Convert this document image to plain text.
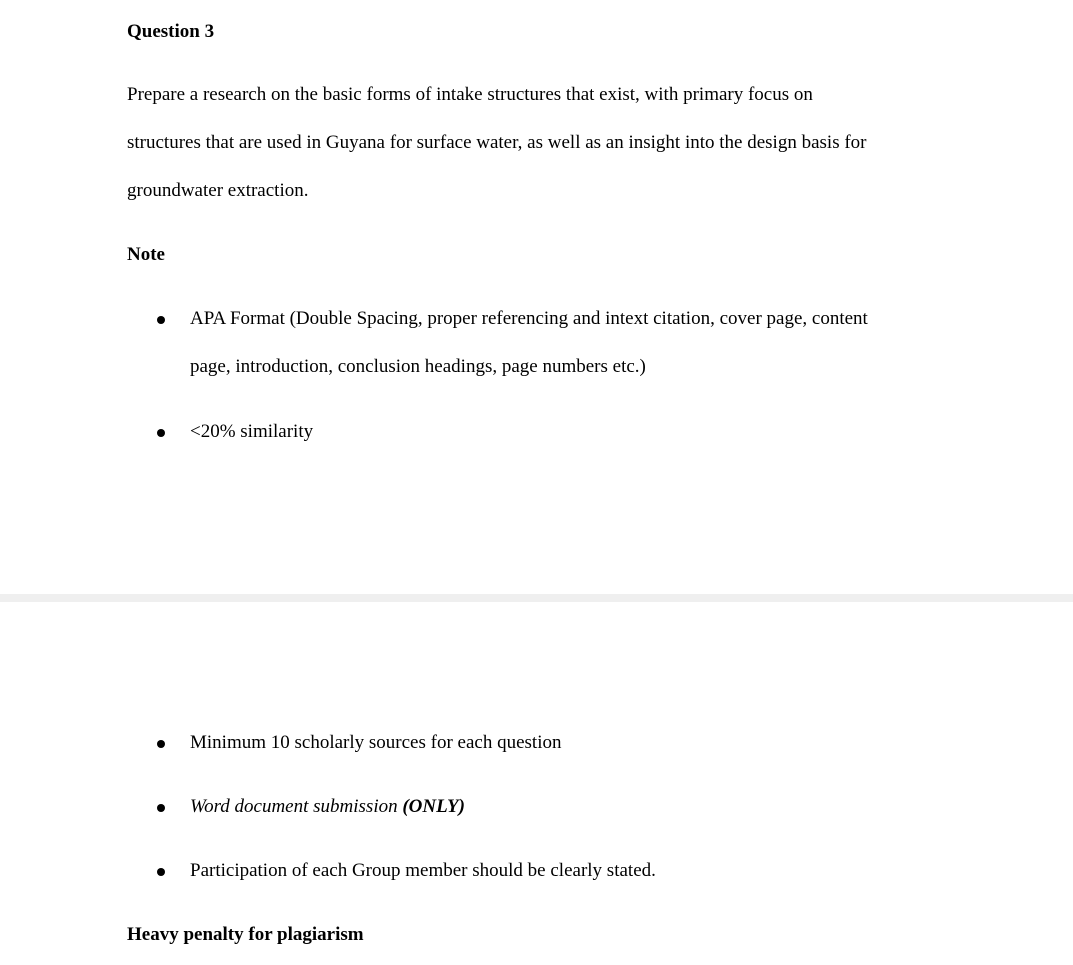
Question 3
Prepare a research on the basic forms of intake structures that exist, with primary focus on
structures that are used in Guyana for surface water, as well as an insight into the design basis for
groundwater extraction.
Note
APA Format (Double Spacing, proper referencing and intext citation, cover page, content
page, introduction, conclusion headings, page numbers etc.)
<20% similarity
Minimum 10 scholarly sources for each question
Word document submission (ONLY)
Participation of each Group member should be clearly stated.
Heavy penalty for plagiarism
